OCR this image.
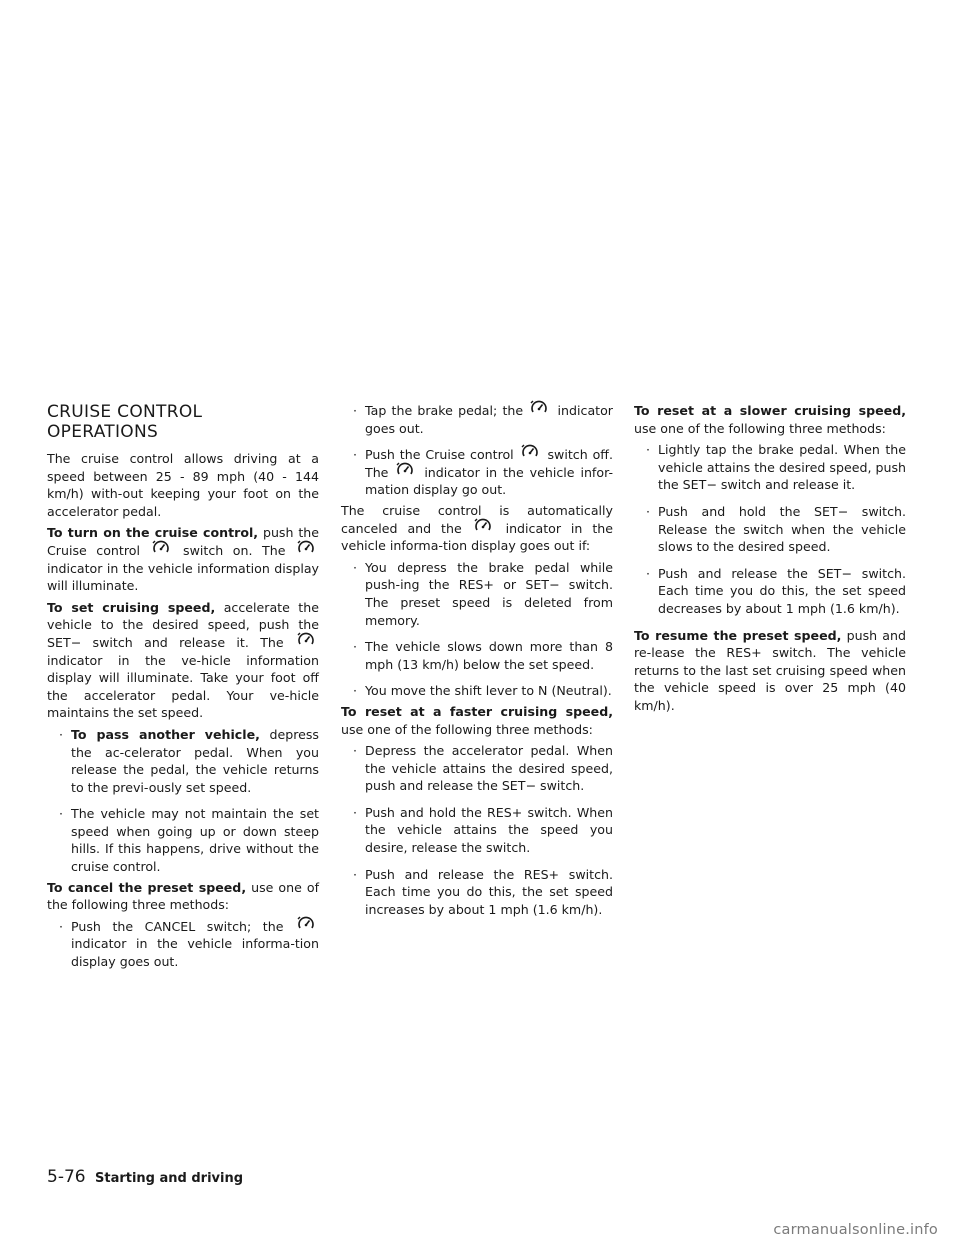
CRUISE CONTROL OPERATIONS

The cruise control allows driving at a speed between 25 - 89 mph (40 - 144 km/h) with-out keeping your foot on the accelerator pedal.

To turn on the cruise control, push the Cruise control	switch on. The  indicator in the vehicle information display will illuminate.

To set cruising speed, accelerate the vehicle to the desired speed, push the SET− switch and release it. The  indicator in the ve-hicle information display will illuminate. Take your foot off the accelerator pedal. Your ve-hicle maintains the set speed.

· To pass another vehicle, depress the ac-celerator pedal. When you release the pedal, the vehicle returns to the previ-ously set speed.
· The vehicle may not maintain the set speed when going up or down steep hills. If this happens, drive without the cruise control.

To cancel the preset speed, use one of the following three methods:

· Push the CANCEL switch; the  indicator in the vehicle informa-tion display goes out.
· Tap the brake pedal; the	indicator goes out.
· Push the Cruise control	switch off. The	indicator in the vehicle infor-mation display go out.

The cruise control is automatically canceled and the	indicator in the vehicle informa-tion display goes out if:

· You depress the brake pedal while push-ing the RES+ or SET− switch. The preset speed is deleted from memory.
· The vehicle slows down more than 8 mph (13 km/h) below the set speed.
· You move the shift lever to N (Neutral).

To reset at a faster cruising speed, use one of the following three methods:

· Depress the accelerator pedal. When the vehicle attains the desired speed, push and release the SET− switch.
· Push and hold the RES+ switch. When the vehicle attains the speed you desire, release the switch.
· Push and release the RES+ switch. Each time you do this, the set speed increases by about 1 mph (1.6 km/h).

To reset at a slower cruising speed, use one of the following three methods:

· Lightly tap the brake pedal. When the vehicle attains the desired speed, push the SET− switch and release it.
· Push and hold the SET− switch. Release the switch when the vehicle slows to the desired speed.
· Push and release the SET− switch. Each time you do this, the set speed decreases by about 1 mph (1.6 km/h).

To resume the preset speed, push and re-lease the RES+ switch. The vehicle returns to the last set cruising speed when the vehicle speed is over 25 mph (40 km/h).

5-76 Starting and driving
carmanualsonline.info
